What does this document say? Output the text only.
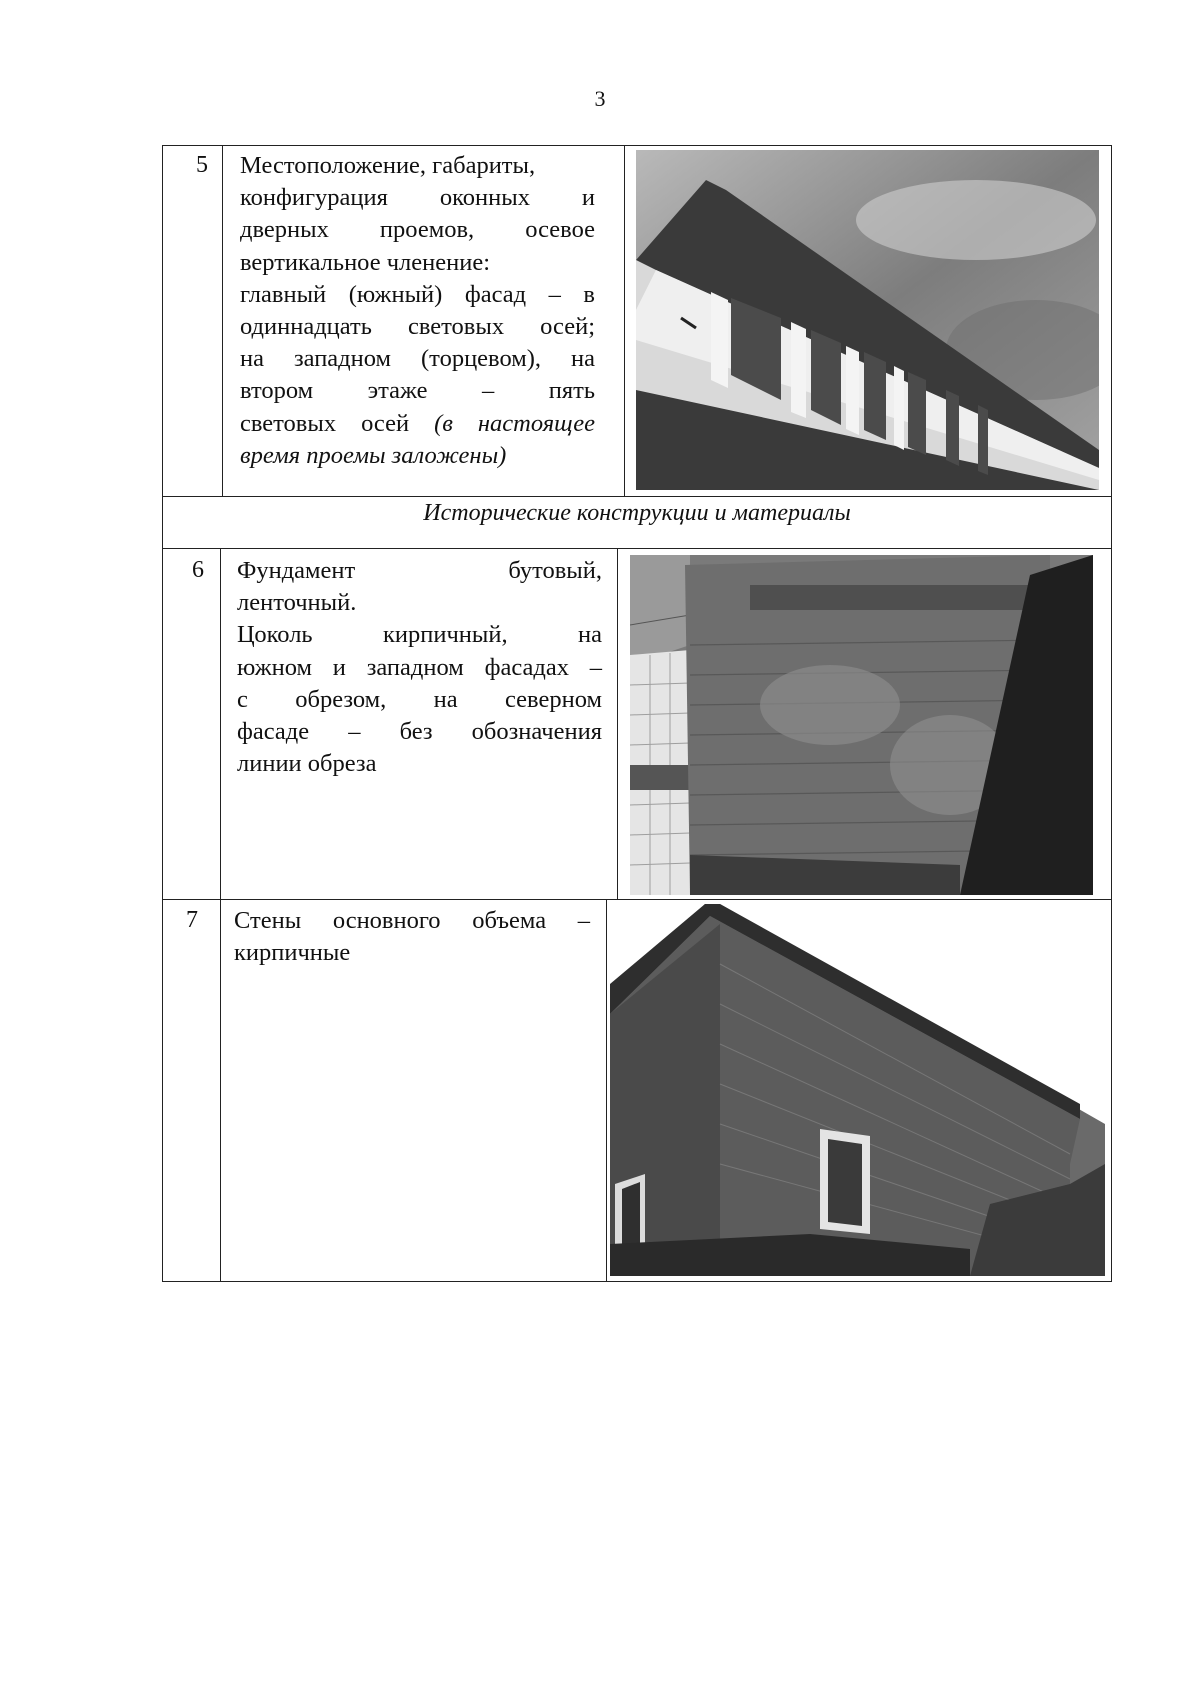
3
5	Местоположение, габариты,
конфигурация оконных и
дверных проемов, осевое
вертикальное членение:
главный (южный) фасад – в
одиннадцать световых осей;
на западном (торцевом), на
втором этаже – пять
световых осей (в настоящее время проемы заложены)
Исторические конструкции и материалы
6	Фундамент бутовый,
ленточный.
Цоколь кирпичный, на
южном и западном фасадах –
с обрезом, на северном
фасаде – без обозначения
линии обреза
7	Стены основного объема –
кирпичные
